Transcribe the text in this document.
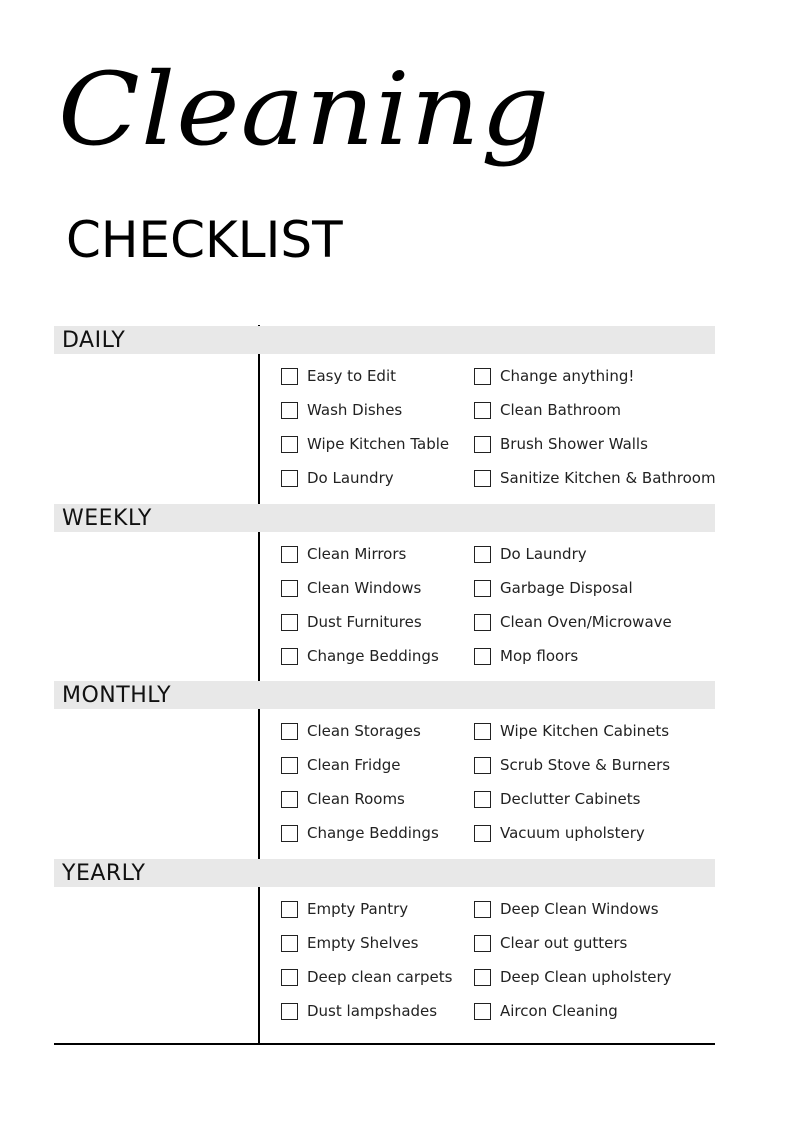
Cleaning
CHECKLIST
DAILY
Easy to Edit
Wash Dishes
Wipe Kitchen Table
Do Laundry
Change anything!
Clean Bathroom
Brush Shower Walls
Sanitize Kitchen & Bathroom
WEEKLY
Clean Mirrors
Clean Windows
Dust Furnitures
Change Beddings
Do Laundry
Garbage Disposal
Clean Oven/Microwave
Mop floors
MONTHLY
Clean Storages
Clean Fridge
Clean Rooms
Change Beddings
Wipe Kitchen Cabinets
Scrub Stove & Burners
Declutter Cabinets
Vacuum upholstery
YEARLY
Empty Pantry
Empty Shelves
Deep clean carpets
Dust lampshades
Deep Clean Windows
Clear out gutters
Deep Clean upholstery
Aircon Cleaning
